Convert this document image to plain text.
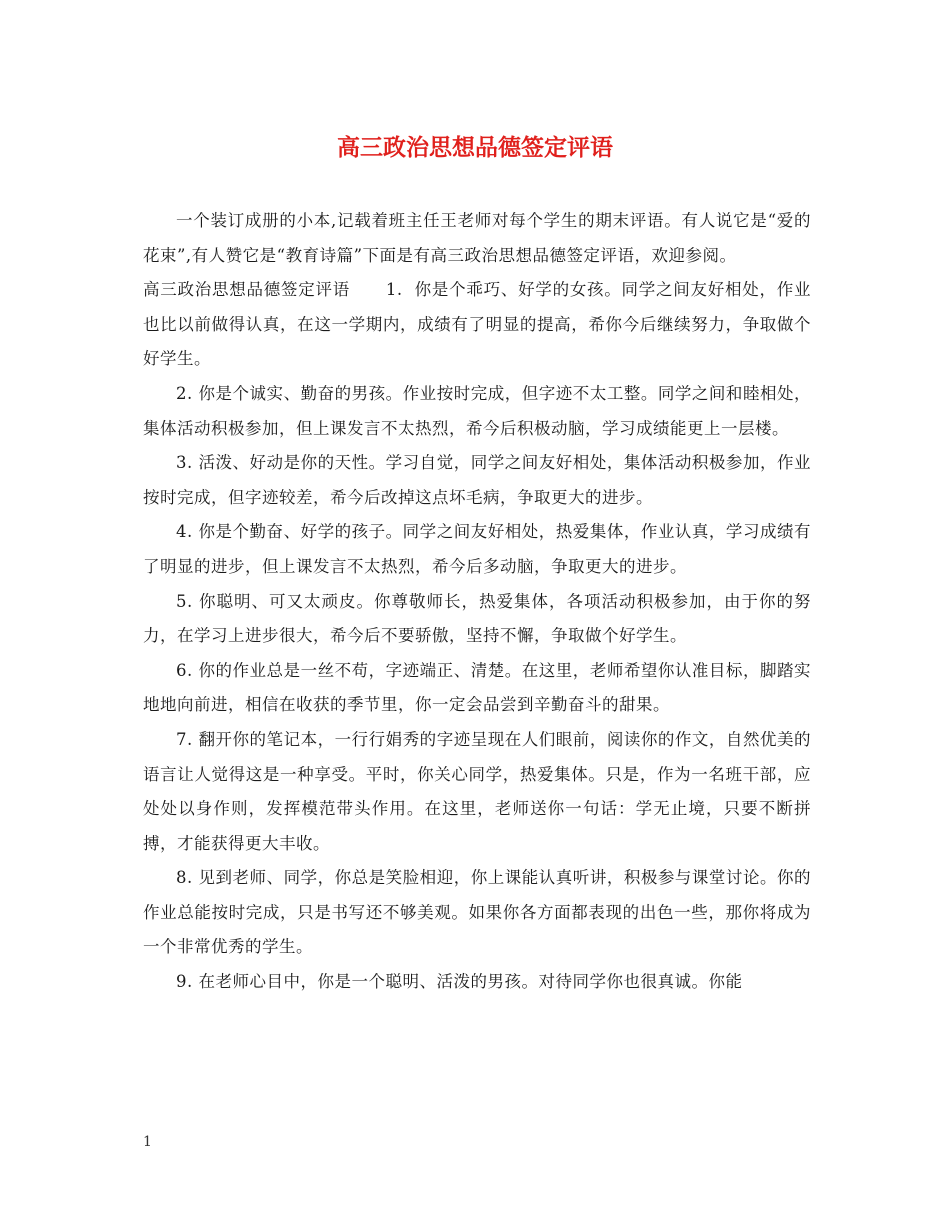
高三政治思想品德签定评语

一个装订成册的小本,记载着班主任王老师对每个学生的期末评语。有人说它是“爱的花束”,有人赞它是“教育诗篇”下面是有高三政治思想品德签定评语，欢迎参阅。

高三政治思想品德签定评语 1.  你是个乖巧、好学的女孩。同学之间友好相处，作业也比以前做得认真，在这一学期内，成绩有了明显的提高，希你今后继续努力，争取做个好学生。

2. 你是个诚实、勤奋的男孩。作业按时完成，但字迹不太工整。同学之间和睦相处，集体活动积极参加，但上课发言不太热烈，希今后积极动脑，学习成绩能更上一层楼。

3. 活泼、好动是你的天性。学习自觉，同学之间友好相处，集体活动积极参加，作业按时完成，但字迹较差，希今后改掉这点坏毛病，争取更大的进步。

4. 你是个勤奋、好学的孩子。同学之间友好相处，热爱集体，作业认真，学习成绩有了明显的进步，但上课发言不太热烈，希今后多动脑，争取更大的进步。

5. 你聪明、可又太顽皮。你尊敬师长，热爱集体，各项活动积极参加，由于你的努力，在学习上进步很大，希今后不要骄傲，坚持不懈，争取做个好学生。

6. 你的作业总是一丝不苟，字迹端正、清楚。在这里，老师希望你认准目标，脚踏实地地向前进，相信在收获的季节里，你一定会品尝到辛勤奋斗的甜果。

7. 翻开你的笔记本，一行行娟秀的字迹呈现在人们眼前，阅读你的作文，自然优美的语言让人觉得这是一种享受。平时，你关心同学，热爱集体。只是，作为一名班干部，应处处以身作则，发挥模范带头作用。在这里，老师送你一句话：学无止境，只要不断拼搏，才能获得更大丰收。

8. 见到老师、同学，你总是笑脸相迎，你上课能认真听讲，积极参与课堂讨论。你的作业总能按时完成，只是书写还不够美观。如果你各方面都表现的出色一些，那你将成为一个非常优秀的学生。

9. 在老师心目中，你是一个聪明、活泼的男孩。对待同学你也很真诚。你能

1
